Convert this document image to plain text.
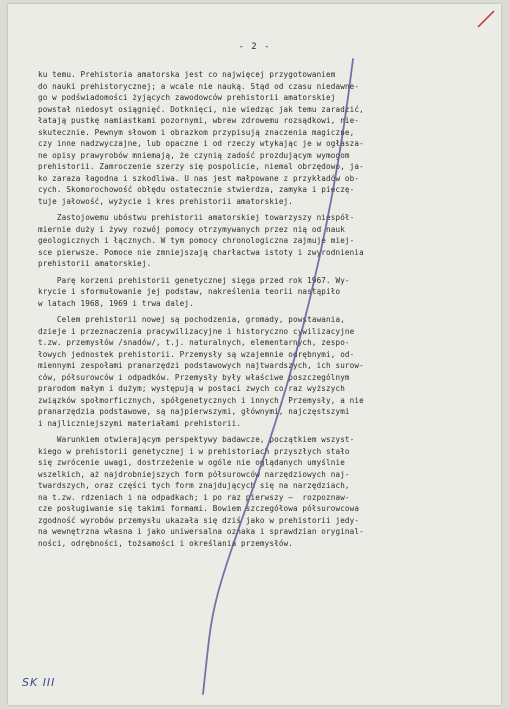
- 2 -
ku temu. Prehistoria amatorska jest co najwięcej przygotowaniem
do nauki prehistorycznej; a wcale nie nauką. Stąd od czasu niedawne-
go w podświadomości żyjących zawodowców prehistorii amatorskiej
powstał niedosyt osiągnięć. Dotknięci, nie wiedząc jak temu zaradzić,
łatają pustkę namiastkami pozornymi, wbrew zdrowemu rozsądkowi, nie-
skutecznie. Pewnym słowom i obrazkom przypisują znaczenia magiczne,
czy inne nadzwyczajne, lub opaczne i od rzeczy wtykając je w ogłasza-
ne opisy prawyrobów mniemają, że czynią zadość prozdującym wymogom
prehistorii. Zamroczenie szerzy się pospolicie, niemal obrzędowo, ja-
ko zaraza łagodna i szkodliwa. U nas jest małpowane z przykładów ob-
cych. Skomorochowość obłędu ostatecznie stwierdza, zamyka i pieczę-
tuje jałowość, wyżycie i kres prehistorii amatorskiej.
Zastojowemu ubóstwu prehistorii amatorskiej towarzyszy niespół-
miernie duży i żywy rozwój pomocy otrzymywanych przez nią od nauk
geologicznych i łącznych. W tym pomocy chronologiczna zajmuje miej-
sce pierwsze. Pomoce nie zmniejszają charłactwa istoty i zwyrodnienia
prehistorii amatorskiej.
Parę korzeni prehistorii genetycznej sięga przed rok 1967. Wy-
krycie i sformułowanie jej podstaw, nakreślenia teorii nastąpiło
w latach 1968, 1969 i trwa dalej.
Celem prehistorii nowej są pochodzenia, gromady, powstawania,
dzieje i przeznaczenia pracywilizacyjne i historyczno cywilizacyjne
t.zw. przemysłów /snadów/, t.j. naturalnych, elementarnych, zespo-
łowych jednostek prehistorii. Przemysły są wzajemnie odrębnymi, od-
miennymi zespołami pranarzędzi podstawowych najtwardszych, ich surow-
ców, półsurowców i odpadków. Przemysły były właściwe poszczególnym
prarodom małym i dużym; występują w postaci zwych co raz wyższych
związków społmorficznych, spółgenetycznych i innych. Przemysły, a nie
pranarzędzia podstawowe, są najpierwszymi, głównymi, najczęstszymi
i najliczniejszymi materiałami prehistorii.
Warunkiem otwierającym perspektywy badawcze, początkiem wszyst-
kiego w prehistorii genetycznej i w prehistoriach przyszłych stało
się zwrócenie uwagi, dostrzeżenie w ogóle nie oglądanych umyślnie
wszelkich, aż najdrobniejszych form półsurowców narzędziowych naj-
twardszych, oraz części tych form znajdujących się na narzędziach,
na t.zw. rdzeniach i na odpadkach; i po raz pierwszy —  rozpoznaw-
cze posługiwanie się takimi formami. Bowiem szczegółowa półsurowcowa
zgodność wyrobów przemysłu ukazała się dziś jako w prehistorii jedy-
na wewnętrzna własna i jako uniwersalna oznaka i sprawdzian oryginal-
ności, odrębności, tożsamości i określania przemysłów.
SK III
